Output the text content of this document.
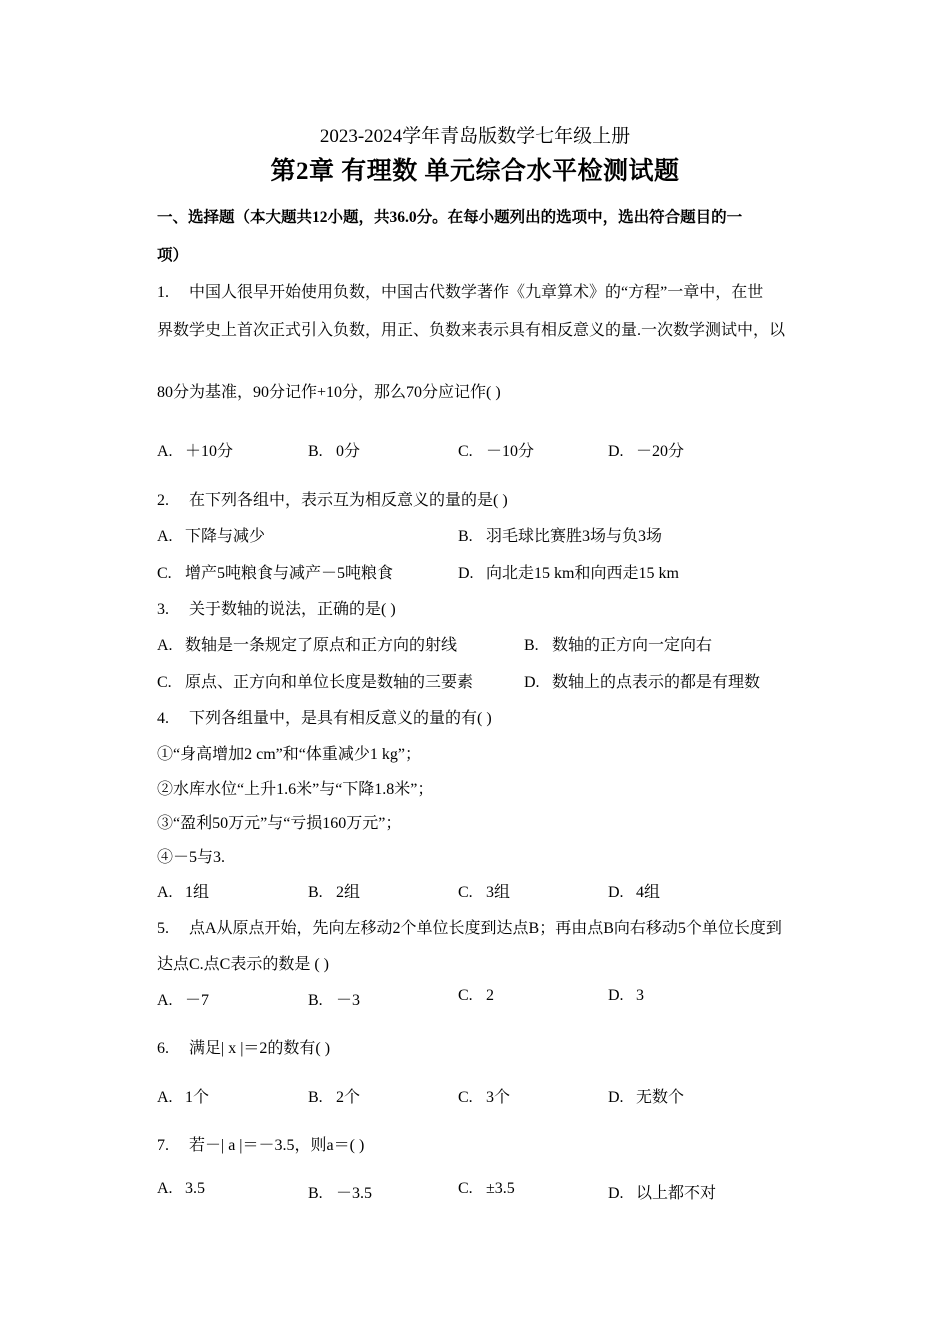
2023-2024学年青岛版数学七年级上册
第2章 有理数 单元综合水平检测试题
一、选择题（本大题共12小题，共36.0分。在每小题列出的选项中，选出符合题目的一
项）
1. 中国人很早开始使用负数，中国古代数学著作《九章算术》的“方程”一章中，在世
界数学史上首次正式引入负数，用正、负数来表示具有相反意义的量.一次数学测试中，以
80分为基准，90分记作+10分，那么70分应记作( )
A. ＋10分	B. 0分	C. －10分	D. －20分
2. 在下列各组中，表示互为相反意义的量的是( )
A. 下降与减少	B. 羽毛球比赛胜3场与负3场
C. 增产5吨粮食与减产－5吨粮食	D. 向北走15 km和向西走15 km
3. 关于数轴的说法，正确的是( )
A. 数轴是一条规定了原点和正方向的射线	B. 数轴的正方向一定向右
C. 原点、正方向和单位长度是数轴的三要素	D. 数轴上的点表示的都是有理数
4. 下列各组量中，是具有相反意义的量的有( )
①“身高增加2 cm”和“体重减少1 kg”；
②水库水位“上升1.6米”与“下降1.8米”；
③“盈利50万元”与“亏损160万元”；
④－5与3.
A. 1组	B. 2组	C. 3组	D. 4组
5. 点A从原点开始，先向左移动2个单位长度到达点B；再由点B向右移动5个单位长度到
达点C.点C表示的数是 ( )
A. －7	B. －3	C. 2	D. 3
6. 满足| x |＝2的数有( )
A. 1个	B. 2个	C. 3个	D. 无数个
7. 若－| a |＝－3.5，则a＝( )
A. 3.5	B. －3.5	C. ±3.5	D. 以上都不对
